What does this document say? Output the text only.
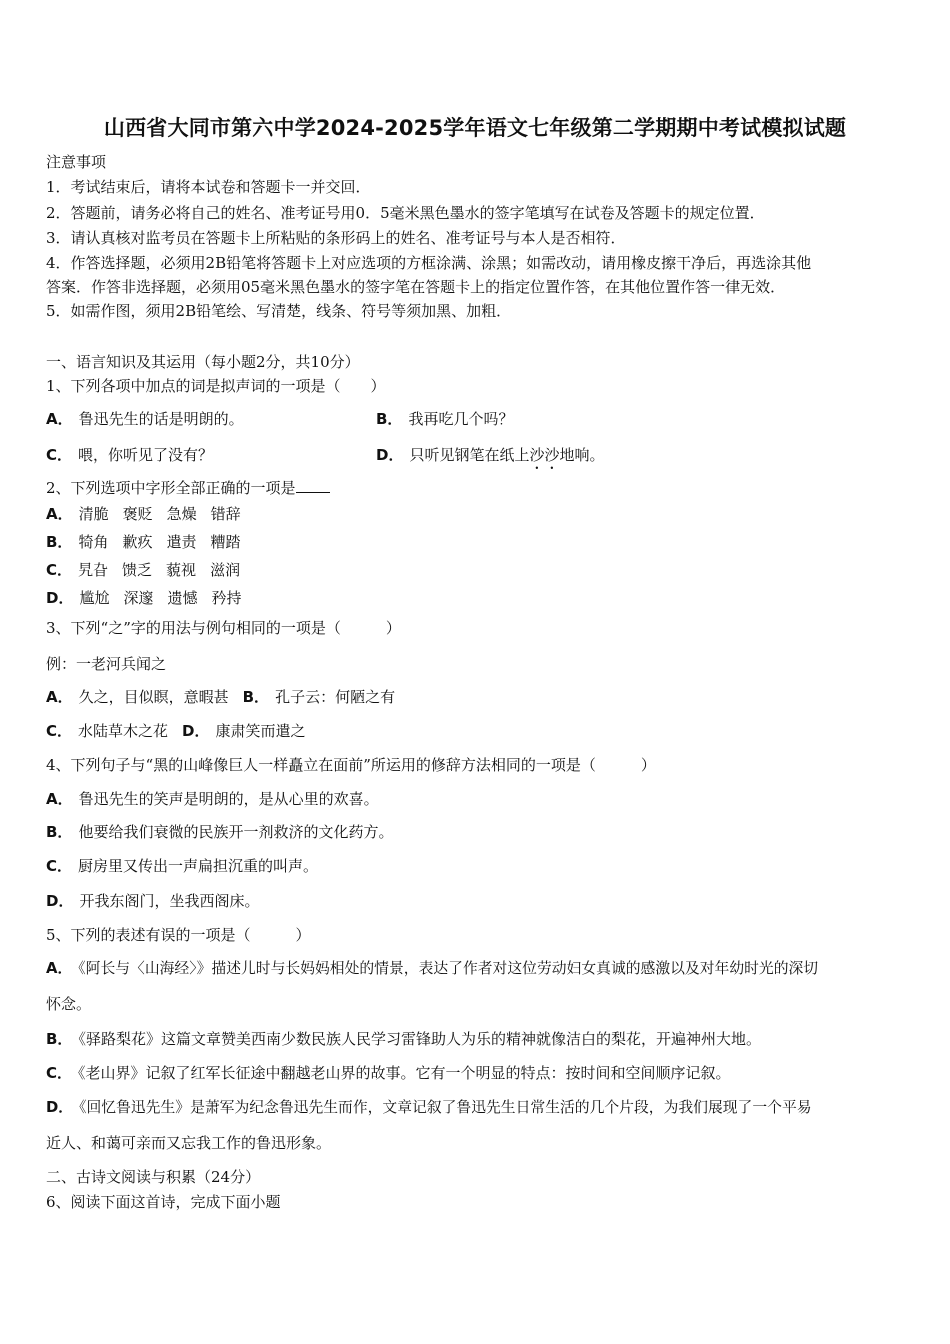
山西省大同市第六中学2024-2025学年语文七年级第二学期期中考试模拟试题
注意事项
1．考试结束后，请将本试卷和答题卡一并交回．
2．答题前，请务必将自己的姓名、准考证号用0．5毫米黑色墨水的签字笔填写在试卷及答题卡的规定位置．
3．请认真核对监考员在答题卡上所粘贴的条形码上的姓名、准考证号与本人是否相符．
4．作答选择题，必须用2B铅笔将答题卡上对应选项的方框涂满、涂黑；如需改动，请用橡皮擦干净后，再选涂其他
答案．作答非选择题，必须用05毫米黑色墨水的签字笔在答题卡上的指定位置作答，在其他位置作答一律无效．
5．如需作图，须用2B铅笔绘、写清楚，线条、符号等须加黑、加粗．
一、语言知识及其运用（每小题2分，共10分）
1、下列各项中加点的词是拟声词的一项是（　　）
A． 鲁迅先生的话是明朗的。	B． 我再吃几个吗？
C． 喂，你听见了没有？	D． 只听见钢笔在纸上沙沙地响。
2、下列选项中字形全部正确的一项是
A． 清脆 褒贬 急燥 错辞
B． 犄角 歉疚 遣责 糟踏
C． 旯旮 馈乏 藐视 滋润
D． 尴尬 深邃 遗憾 矜持
3、下列“之”字的用法与例句相同的一项是（　　　）
例：一老河兵闻之
A． 久之，目似瞑，意暇甚 B． 孔子云：何陋之有
C． 水陆草木之花 D． 康肃笑而遣之
4、下列句子与“黑的山峰像巨人一样矗立在面前”所运用的修辞方法相同的一项是（　　　）
A． 鲁迅先生的笑声是明朗的，是从心里的欢喜。
B． 他要给我们衰微的民族开一剂救济的文化药方。
C． 厨房里又传出一声扁担沉重的叫声。
D． 开我东阁门，坐我西阁床。
5、下列的表述有误的一项是（　　　）
A． 《阿长与〈山海经〉》描述儿时与长妈妈相处的情景，表达了作者对这位劳动妇女真诚的感激以及对年幼时光的深切
怀念。
B． 《驿路梨花》这篇文章赞美西南少数民族人民学习雷锋助人为乐的精神就像洁白的梨花，开遍神州大地。
C． 《老山界》记叙了红军长征途中翻越老山界的故事。它有一个明显的特点：按时间和空间顺序记叙。
D． 《回忆鲁迅先生》是萧军为纪念鲁迅先生而作，文章记叙了鲁迅先生日常生活的几个片段，为我们展现了一个平易
近人、和蔼可亲而又忘我工作的鲁迅形象。
二、古诗文阅读与积累（24分）
6、阅读下面这首诗，完成下面小题
